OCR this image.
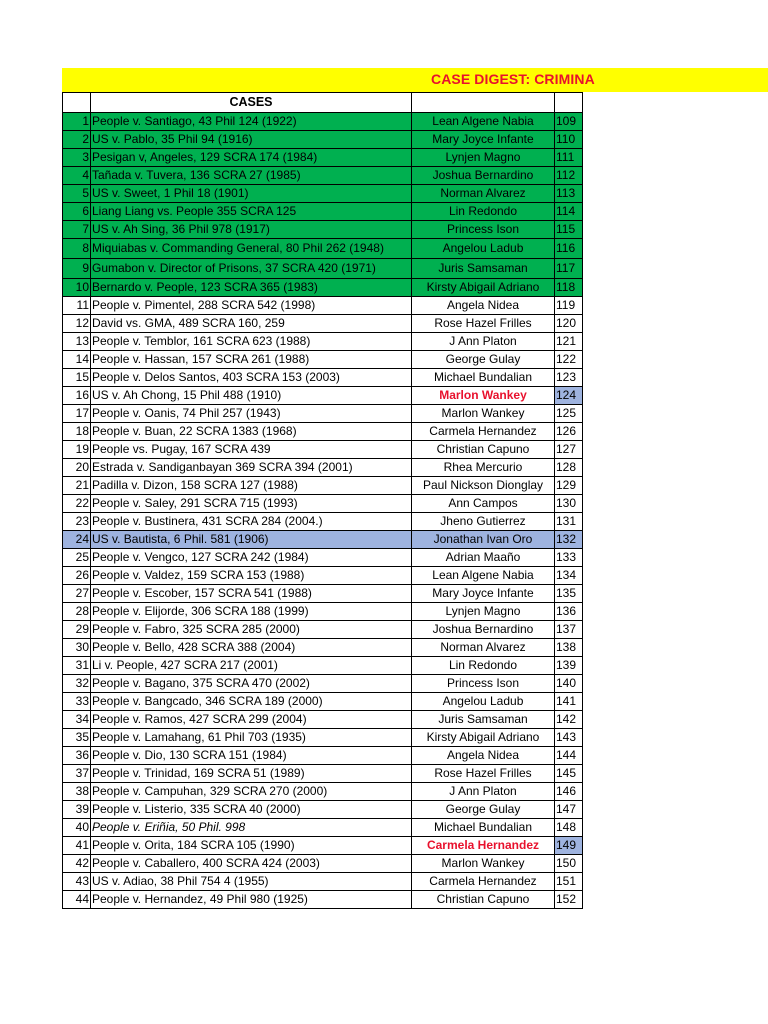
CASE DIGEST: CRIMINA
	CASES		
1	People v. Santiago, 43 Phil 124 (1922)	Lean Algene Nabia	109
2	US v. Pablo, 35 Phil 94 (1916)	Mary Joyce Infante	110
3	Pesigan v, Angeles, 129 SCRA 174 (1984)	Lynjen Magno	111
4	Tañada v. Tuvera, 136 SCRA 27 (1985)	Joshua Bernardino	112
5	US v. Sweet, 1 Phil 18 (1901)	Norman Alvarez	113
6	Liang Liang vs. People 355 SCRA 125	Lin Redondo	114
7	US v. Ah Sing, 36 Phil 978 (1917)	Princess Ison	115
8	Miquiabas v. Commanding General, 80 Phil 262 (1948)	Angelou Ladub	116
9	Gumabon v. Director of Prisons, 37 SCRA 420 (1971)	Juris Samsaman	117
10	Bernardo v. People, 123 SCRA 365 (1983)	Kirsty Abigail Adriano	118
11	People v. Pimentel, 288 SCRA 542 (1998)	Angela Nidea	119
12	David vs. GMA, 489 SCRA 160, 259	Rose Hazel Frilles	120
13	People v. Temblor, 161 SCRA 623 (1988)	J Ann Platon	121
14	People v. Hassan, 157 SCRA 261 (1988)	George Gulay	122
15	People v. Delos Santos, 403 SCRA 153 (2003)	Michael Bundalian	123
16	US v. Ah Chong, 15 Phil 488 (1910)	Marlon Wankey	124
17	People v. Oanis, 74 Phil 257 (1943)	Marlon Wankey	125
18	People v. Buan, 22 SCRA 1383 (1968)	Carmela Hernandez	126
19	People vs. Pugay, 167 SCRA 439	Christian Capuno	127
20	Estrada v. Sandiganbayan 369 SCRA 394 (2001)	Rhea Mercurio	128
21	Padilla v. Dizon, 158 SCRA 127 (1988)	Paul Nickson Dionglay	129
22	People v. Saley, 291 SCRA 715 (1993)	Ann Campos	130
23	People v. Bustinera, 431 SCRA 284 (2004.)	Jheno Gutierrez	131
24	US v. Bautista, 6 Phil. 581 (1906)	Jonathan Ivan Oro	132
25	People v. Vengco, 127 SCRA 242 (1984)	Adrian Maaño	133
26	People v. Valdez, 159 SCRA 153 (1988)	Lean Algene Nabia	134
27	People v. Escober, 157 SCRA 541 (1988)	Mary Joyce Infante	135
28	People v. Elijorde, 306 SCRA 188 (1999)	Lynjen Magno	136
29	People v. Fabro, 325 SCRA 285 (2000)	Joshua Bernardino	137
30	People v. Bello, 428 SCRA 388 (2004)	Norman Alvarez	138
31	Li v. People, 427 SCRA 217 (2001)	Lin Redondo	139
32	People v. Bagano, 375 SCRA 470 (2002)	Princess Ison	140
33	People v. Bangcado, 346 SCRA 189 (2000)	Angelou Ladub	141
34	People v. Ramos, 427 SCRA 299 (2004)	Juris Samsaman	142
35	People v. Lamahang, 61 Phil 703 (1935)	Kirsty Abigail Adriano	143
36	People v. Dio, 130 SCRA 151 (1984)	Angela Nidea	144
37	People v. Trinidad, 169 SCRA 51 (1989)	Rose Hazel Frilles	145
38	People v. Campuhan, 329 SCRA 270 (2000)	J Ann Platon	146
39	People v. Listerio, 335 SCRA 40 (2000)	George Gulay	147
40	People v. Eriñia, 50 Phil. 998	Michael Bundalian	148
41	People v. Orita, 184 SCRA 105 (1990)	Carmela Hernandez	149
42	People v. Caballero, 400 SCRA 424 (2003)	Marlon Wankey	150
43	US v. Adiao, 38 Phil 754 4 (1955)	Carmela Hernandez	151
44	People v. Hernandez, 49 Phil 980 (1925)	Christian Capuno	152
